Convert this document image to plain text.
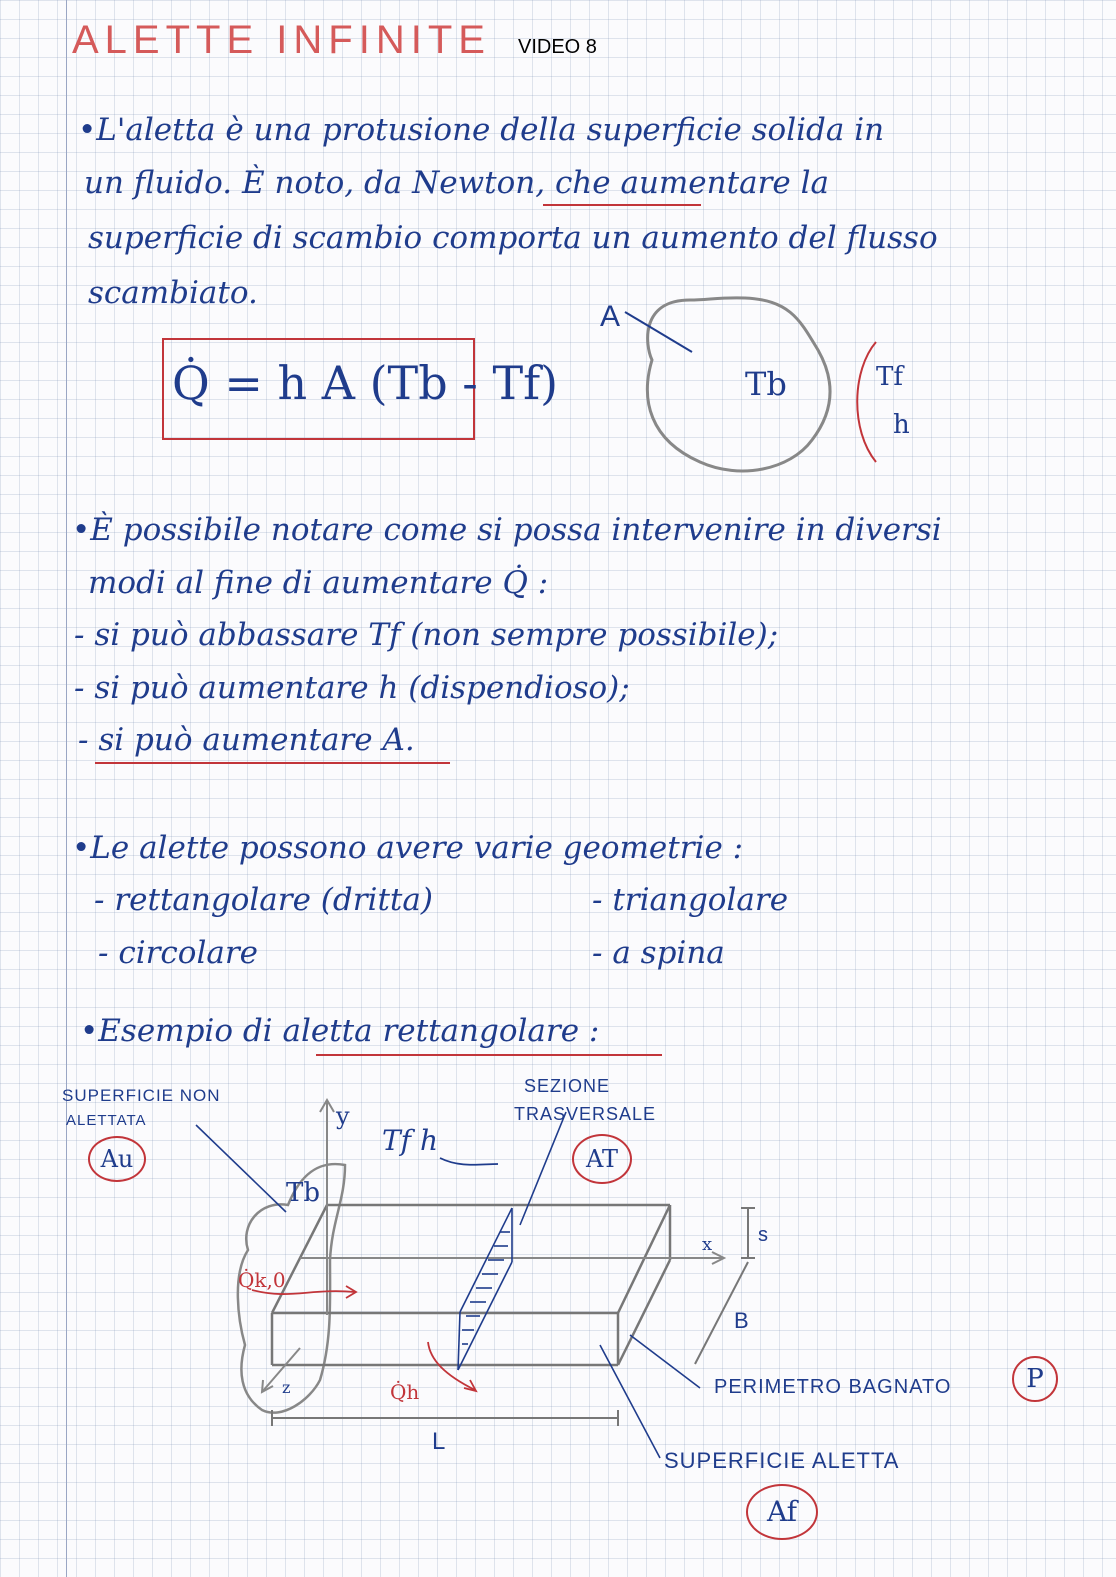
ALETTE INFINITE VIDEO 8
•L'aletta è una protusione della superficie solida in
un fluido. È noto, da Newton, che aumentare la
superficie di scambio comporta un aumento del flusso
scambiato.
Q̇ = h A (Tb - Tf)
A
Tb	Tf
h
•È possibile notare come si possa intervenire in diversi
modi al fine di aumentare Q̇ :
- si può abbassare Tf (non sempre possibile);
- si può aumentare h (dispendioso);
- si può aumentare A.
•Le alette possono avere varie geometrie :
- rettangolare (dritta)	- triangolare
- circolare	- a spina
•Esempio di aletta rettangolare :
SUPERFICIE NON
ALETTATA
Au
y
Tf h
SEZIONE
TRASVERSALE
AT
Tb
x s
Q̇k,0
B
z	Q̇h	PERIMETRO BAGNATO	P
L
SUPERFICIE ALETTA
Af
